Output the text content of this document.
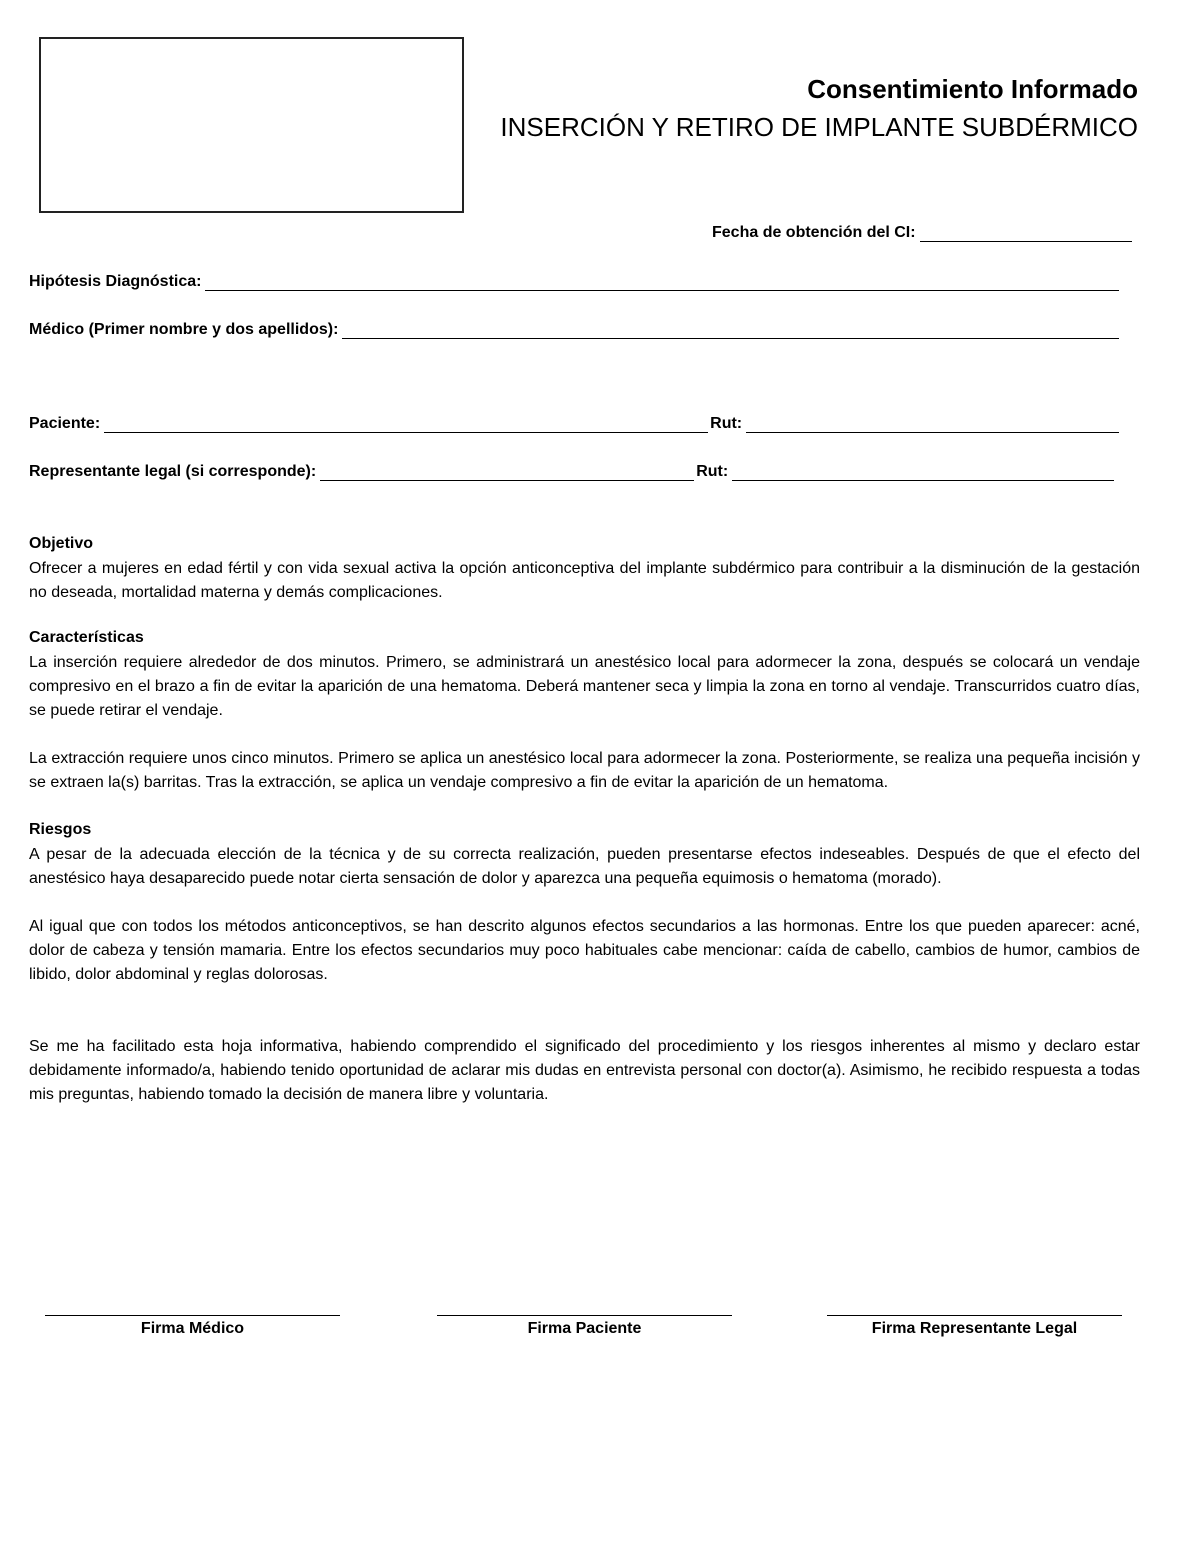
Consentimiento Informado
INSERCIÓN Y RETIRO DE IMPLANTE SUBDÉRMICO
Fecha de obtención del CI:
Hipótesis Diagnóstica:
Médico (Primer nombre y dos apellidos):
Paciente:	Rut:
Representante legal (si corresponde):	Rut:
Objetivo
Ofrecer a mujeres en edad fértil y con vida sexual activa la opción anticonceptiva del implante subdérmico para contribuir a la disminución de la gestación no deseada, mortalidad materna y demás complicaciones.
Características
La inserción requiere alrededor de dos minutos. Primero, se administrará un anestésico local para adormecer la zona, después se colocará un vendaje compresivo en el brazo a fin de evitar la aparición de una hematoma. Deberá mantener seca y limpia la zona en torno al vendaje. Transcurridos cuatro días, se puede retirar el vendaje.
La extracción requiere unos cinco minutos. Primero se aplica un anestésico local para adormecer la zona. Posteriormente, se realiza una pequeña incisión y se extraen la(s) barritas. Tras la extracción, se aplica un vendaje compresivo a fin de evitar la aparición de un hematoma.
Riesgos
A pesar de la adecuada elección de la técnica y de su correcta realización, pueden presentarse efectos indeseables. Después de que el efecto del anestésico haya desaparecido puede notar cierta sensación de dolor y aparezca una pequeña equimosis o hematoma (morado).
Al igual que con todos los métodos anticonceptivos, se han descrito algunos efectos secundarios a las hormonas. Entre los que pueden aparecer: acné, dolor de cabeza y tensión mamaria. Entre los efectos secundarios muy poco habituales cabe mencionar: caída de cabello, cambios de humor, cambios de libido, dolor abdominal y reglas dolorosas.
Se me ha facilitado esta hoja informativa, habiendo comprendido el significado del procedimiento y los riesgos inherentes al mismo y declaro estar debidamente informado/a, habiendo tenido oportunidad de aclarar mis dudas en entrevista personal con doctor(a). Asimismo, he recibido respuesta a todas mis preguntas, habiendo tomado la decisión de manera libre y voluntaria.
Firma Médico	Firma Paciente	Firma Representante Legal
